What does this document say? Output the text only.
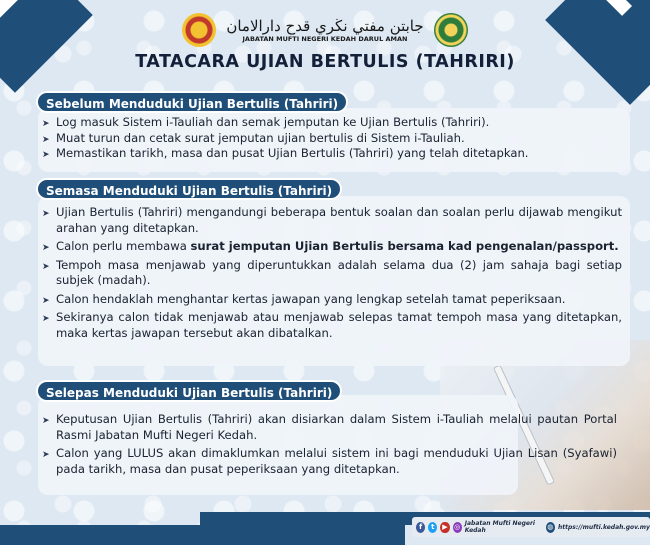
جابتن مفتي نڬري قدح دارالامان
JABATAN MUFTI NEGERI KEDAH DARUL AMAN
TATACARA UJIAN BERTULIS (TAHRIRI)
Sebelum Menduduki Ujian Bertulis (Tahriri)
➤ Log masuk Sistem i-Tauliah dan semak jemputan ke Ujian Bertulis (Tahriri).
➤ Muat turun dan cetak surat jemputan ujian bertulis di Sistem i-Tauliah.
➤ Memastikan tarikh, masa dan pusat Ujian Bertulis (Tahriri) yang telah ditetapkan.
Semasa Menduduki Ujian Bertulis (Tahriri)
➤ Ujian Bertulis (Tahriri) mengandungi beberapa bentuk soalan dan soalan perlu dijawab mengikut arahan yang ditetapkan.
➤ Calon perlu membawa surat jemputan Ujian Bertulis bersama kad pengenalan/passport.
➤ Tempoh masa menjawab yang diperuntukkan adalah selama dua (2) jam sahaja bagi setiap subjek (madah).
➤ Calon hendaklah menghantar kertas jawapan yang lengkap setelah tamat peperiksaan.
➤ Sekiranya calon tidak menjawab atau menjawab selepas tamat tempoh masa yang ditetapkan, maka kertas jawapan tersebut akan dibatalkan.
Selepas Menduduki Ujian Bertulis (Tahriri)
➤ Keputusan Ujian Bertulis (Tahriri) akan disiarkan dalam Sistem i-Tauliah melalui pautan Portal Rasmi Jabatan Mufti Negeri Kedah.
➤ Calon yang LULUS akan dimaklumkan melalui sistem ini bagi menduduki Ujian Lisan (Syafawi) pada tarikh, masa dan pusat peperiksaan yang ditetapkan.
f	t	▶ ◎ Jabatan Mufti Negeri Kedah	◍ https://mufti.kedah.gov.my
